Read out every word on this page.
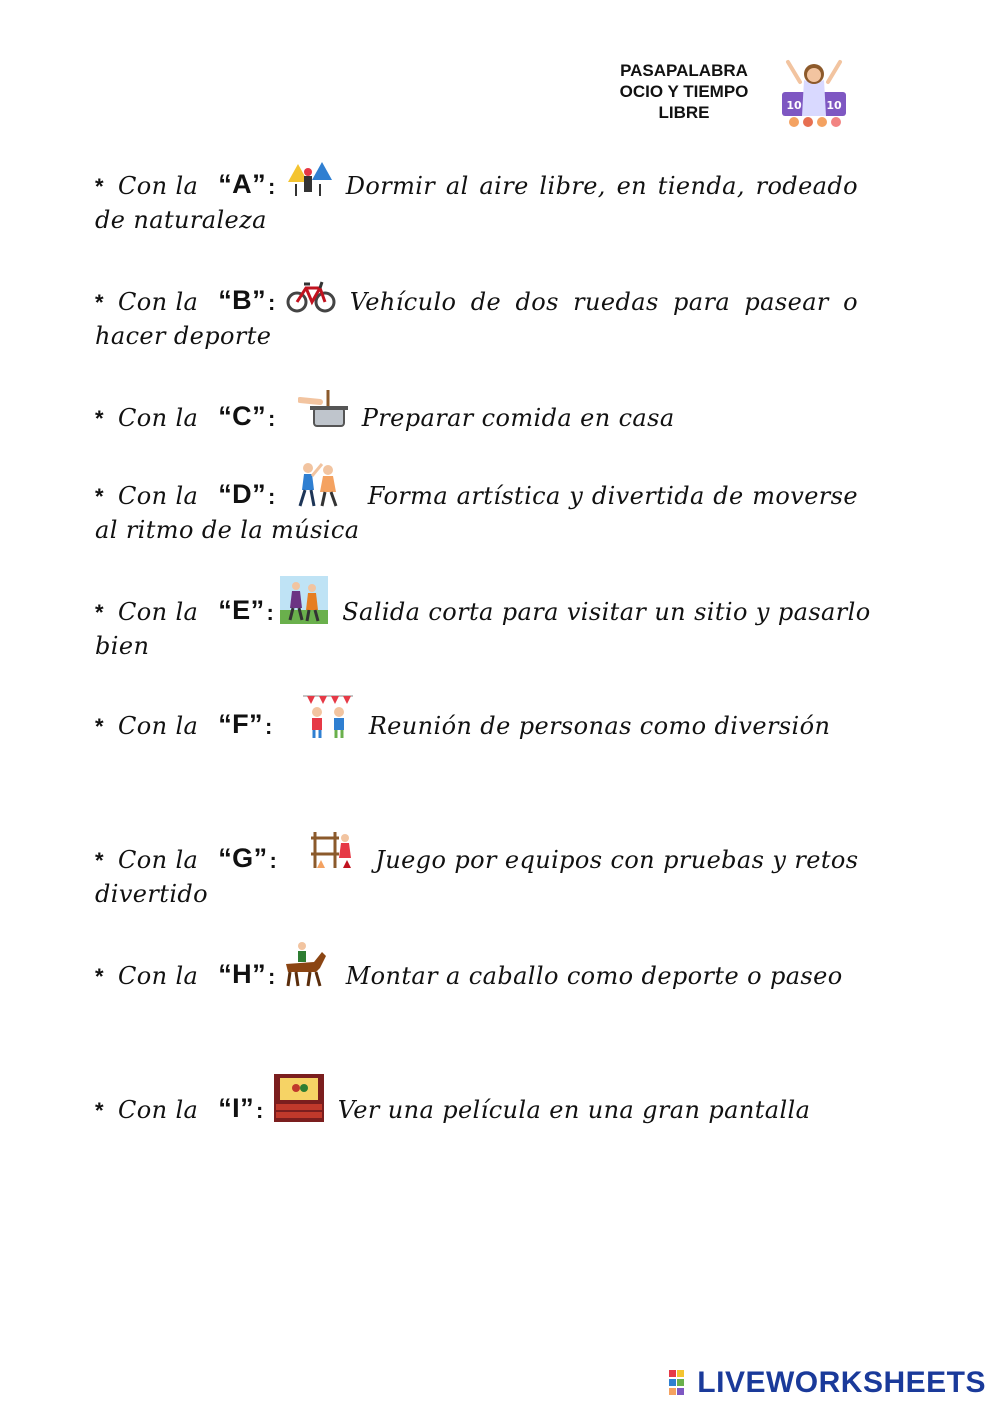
PASAPALABRA
OCIO Y TIEMPO
LIBRE	10 10
* Con la “A” :	Dormir al aire libre, en tienda, rodeado
de naturaleza
* Con la “B” :	Vehículo de dos ruedas para pasear o
hacer deporte
* Con la “C” :	Preparar comida en casa
* Con la “D” :	Forma artística y divertida de moverse
al ritmo de la música
* Con la “E” :	Salida corta para visitar un sitio y pasarlo
bien
* Con la “F” :	Reunión de personas como diversión
* Con la “G” :	Juego por equipos con pruebas y retos
divertido
* Con la “H” :	Montar a caballo como deporte o paseo
* Con la “I” :	Ver una película en una gran pantalla
LIVEWORKSHEETS
